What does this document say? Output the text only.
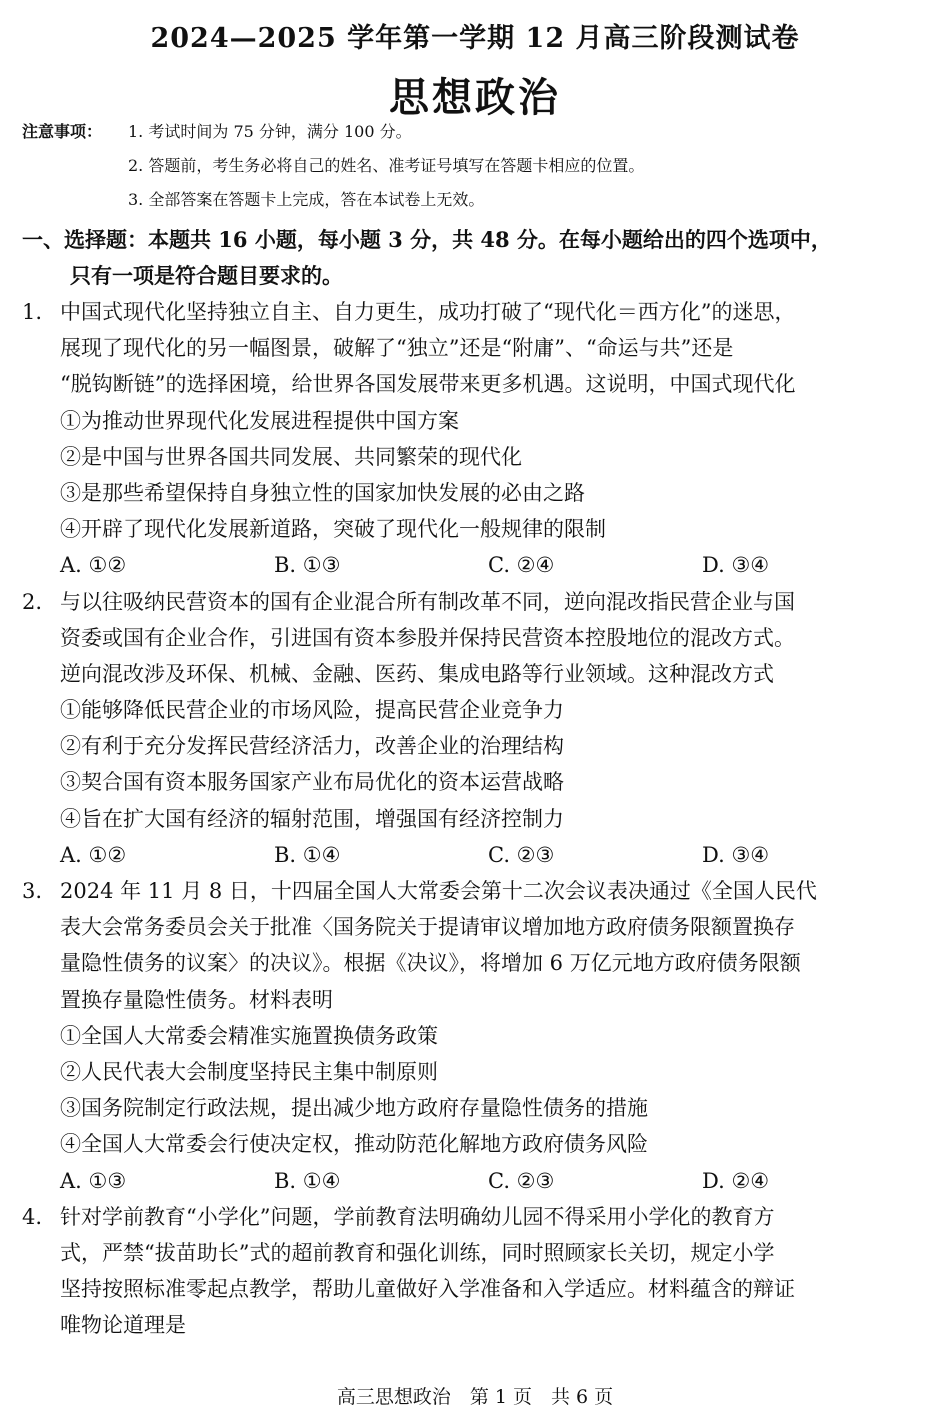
2024—2025 学年第一学期 12 月高三阶段测试卷
思想政治
注意事项： 1. 考试时间为 75 分钟，满分 100 分。
2. 答题前，考生务必将自己的姓名、准考证号填写在答题卡相应的位置。
3. 全部答案在答题卡上完成，答在本试卷上无效。
一、选择题：本题共 16 小题，每小题 3 分，共 48 分。在每小题给出的四个选项中，
只有一项是符合题目要求的。
1. 中国式现代化坚持独立自主、自力更生，成功打破了“现代化＝西方化”的迷思，
展现了现代化的另一幅图景，破解了“独立”还是“附庸”、“命运与共”还是
“脱钩断链”的选择困境，给世界各国发展带来更多机遇。这说明，中国式现代化
①为推动世界现代化发展进程提供中国方案
②是中国与世界各国共同发展、共同繁荣的现代化
③是那些希望保持自身独立性的国家加快发展的必由之路
④开辟了现代化发展新道路，突破了现代化一般规律的限制
A. ①②	B. ①③	C. ②④	D. ③④
2. 与以往吸纳民营资本的国有企业混合所有制改革不同，逆向混改指民营企业与国
资委或国有企业合作，引进国有资本参股并保持民营资本控股地位的混改方式。
逆向混改涉及环保、机械、金融、医药、集成电路等行业领域。这种混改方式
①能够降低民营企业的市场风险，提高民营企业竞争力
②有利于充分发挥民营经济活力，改善企业的治理结构
③契合国有资本服务国家产业布局优化的资本运营战略
④旨在扩大国有经济的辐射范围，增强国有经济控制力
A. ①②	B. ①④	C. ②③	D. ③④
3. 2024 年 11 月 8 日，十四届全国人大常委会第十二次会议表决通过《全国人民代
表大会常务委员会关于批准〈国务院关于提请审议增加地方政府债务限额置换存
量隐性债务的议案〉的决议》。根据《决议》，将增加 6 万亿元地方政府债务限额
置换存量隐性债务。材料表明
①全国人大常委会精准实施置换债务政策
②人民代表大会制度坚持民主集中制原则
③国务院制定行政法规，提出减少地方政府存量隐性债务的措施
④全国人大常委会行使决定权，推动防范化解地方政府债务风险
A. ①③	B. ①④	C. ②③	D. ②④
4. 针对学前教育“小学化”问题，学前教育法明确幼儿园不得采用小学化的教育方
式，严禁“拔苗助长”式的超前教育和强化训练，同时照顾家长关切，规定小学
坚持按照标准零起点教学，帮助儿童做好入学准备和入学适应。材料蕴含的辩证
唯物论道理是
高三思想政治　第 1 页　共 6 页
